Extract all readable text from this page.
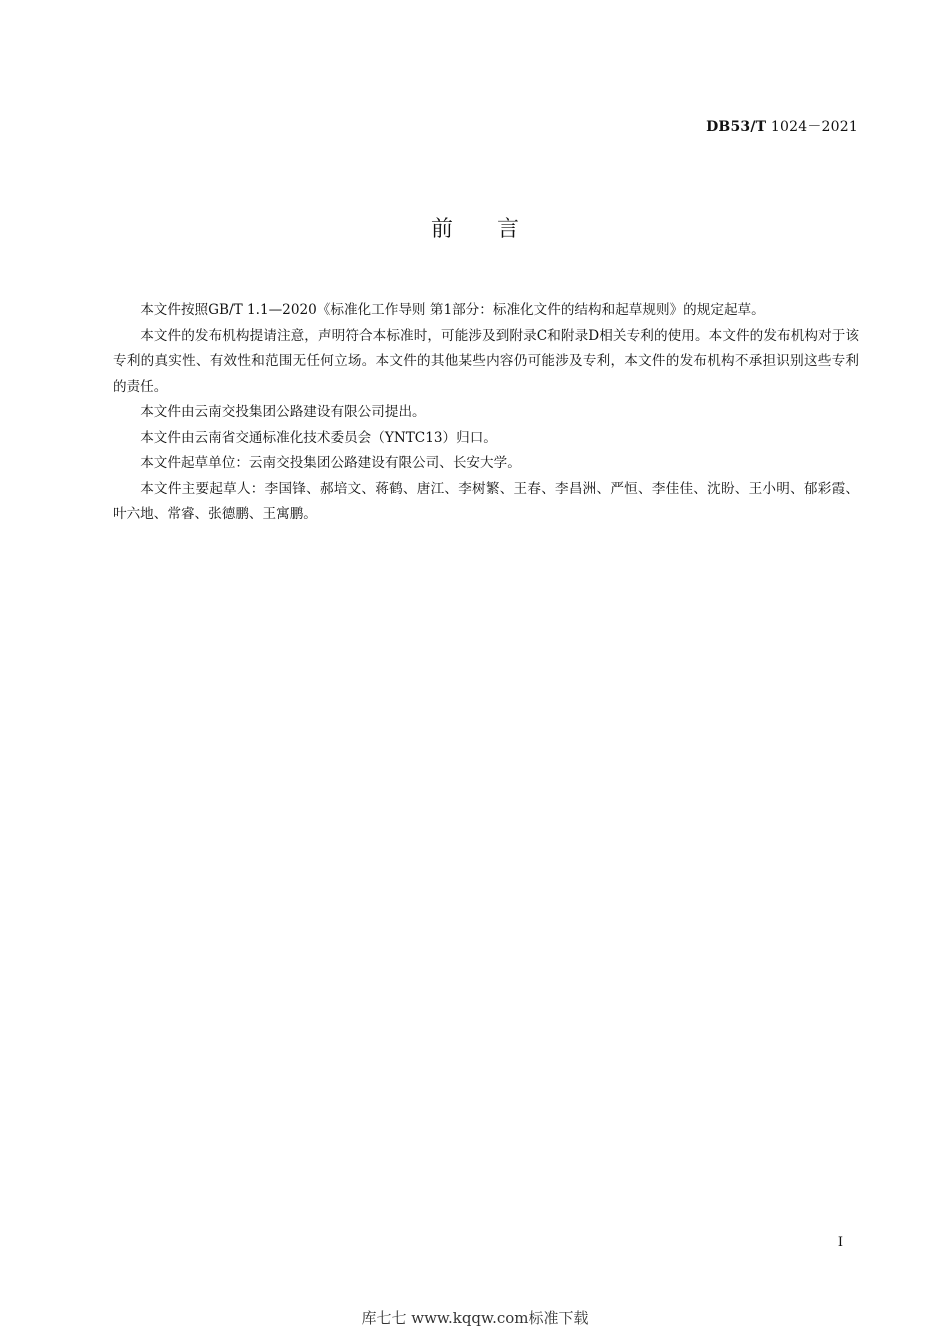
DB53/T 1024－2021
前言

本文件按照GB/T 1.1—2020《标准化工作导则 第1部分：标准化文件的结构和起草规则》的规定起草。

本文件的发布机构提请注意，声明符合本标准时，可能涉及到附录C和附录D相关专利的使用。本文件的发布机构对于该专利的真实性、有效性和范围无任何立场。本文件的其他某些内容仍可能涉及专利，本文件的发布机构不承担识别这些专利的责任。

本文件由云南交投集团公路建设有限公司提出。

本文件由云南省交通标准化技术委员会（YNTC13）归口。

本文件起草单位：云南交投集团公路建设有限公司、长安大学。

本文件主要起草人：李国锋、郝培文、蒋鹤、唐江、李树繁、王春、李昌洲、严恒、李佳佳、沈盼、王小明、郁彩霞、叶六地、常睿、张德鹏、王寓鹏。

I
库七七 www.kqqw.com标准下载
